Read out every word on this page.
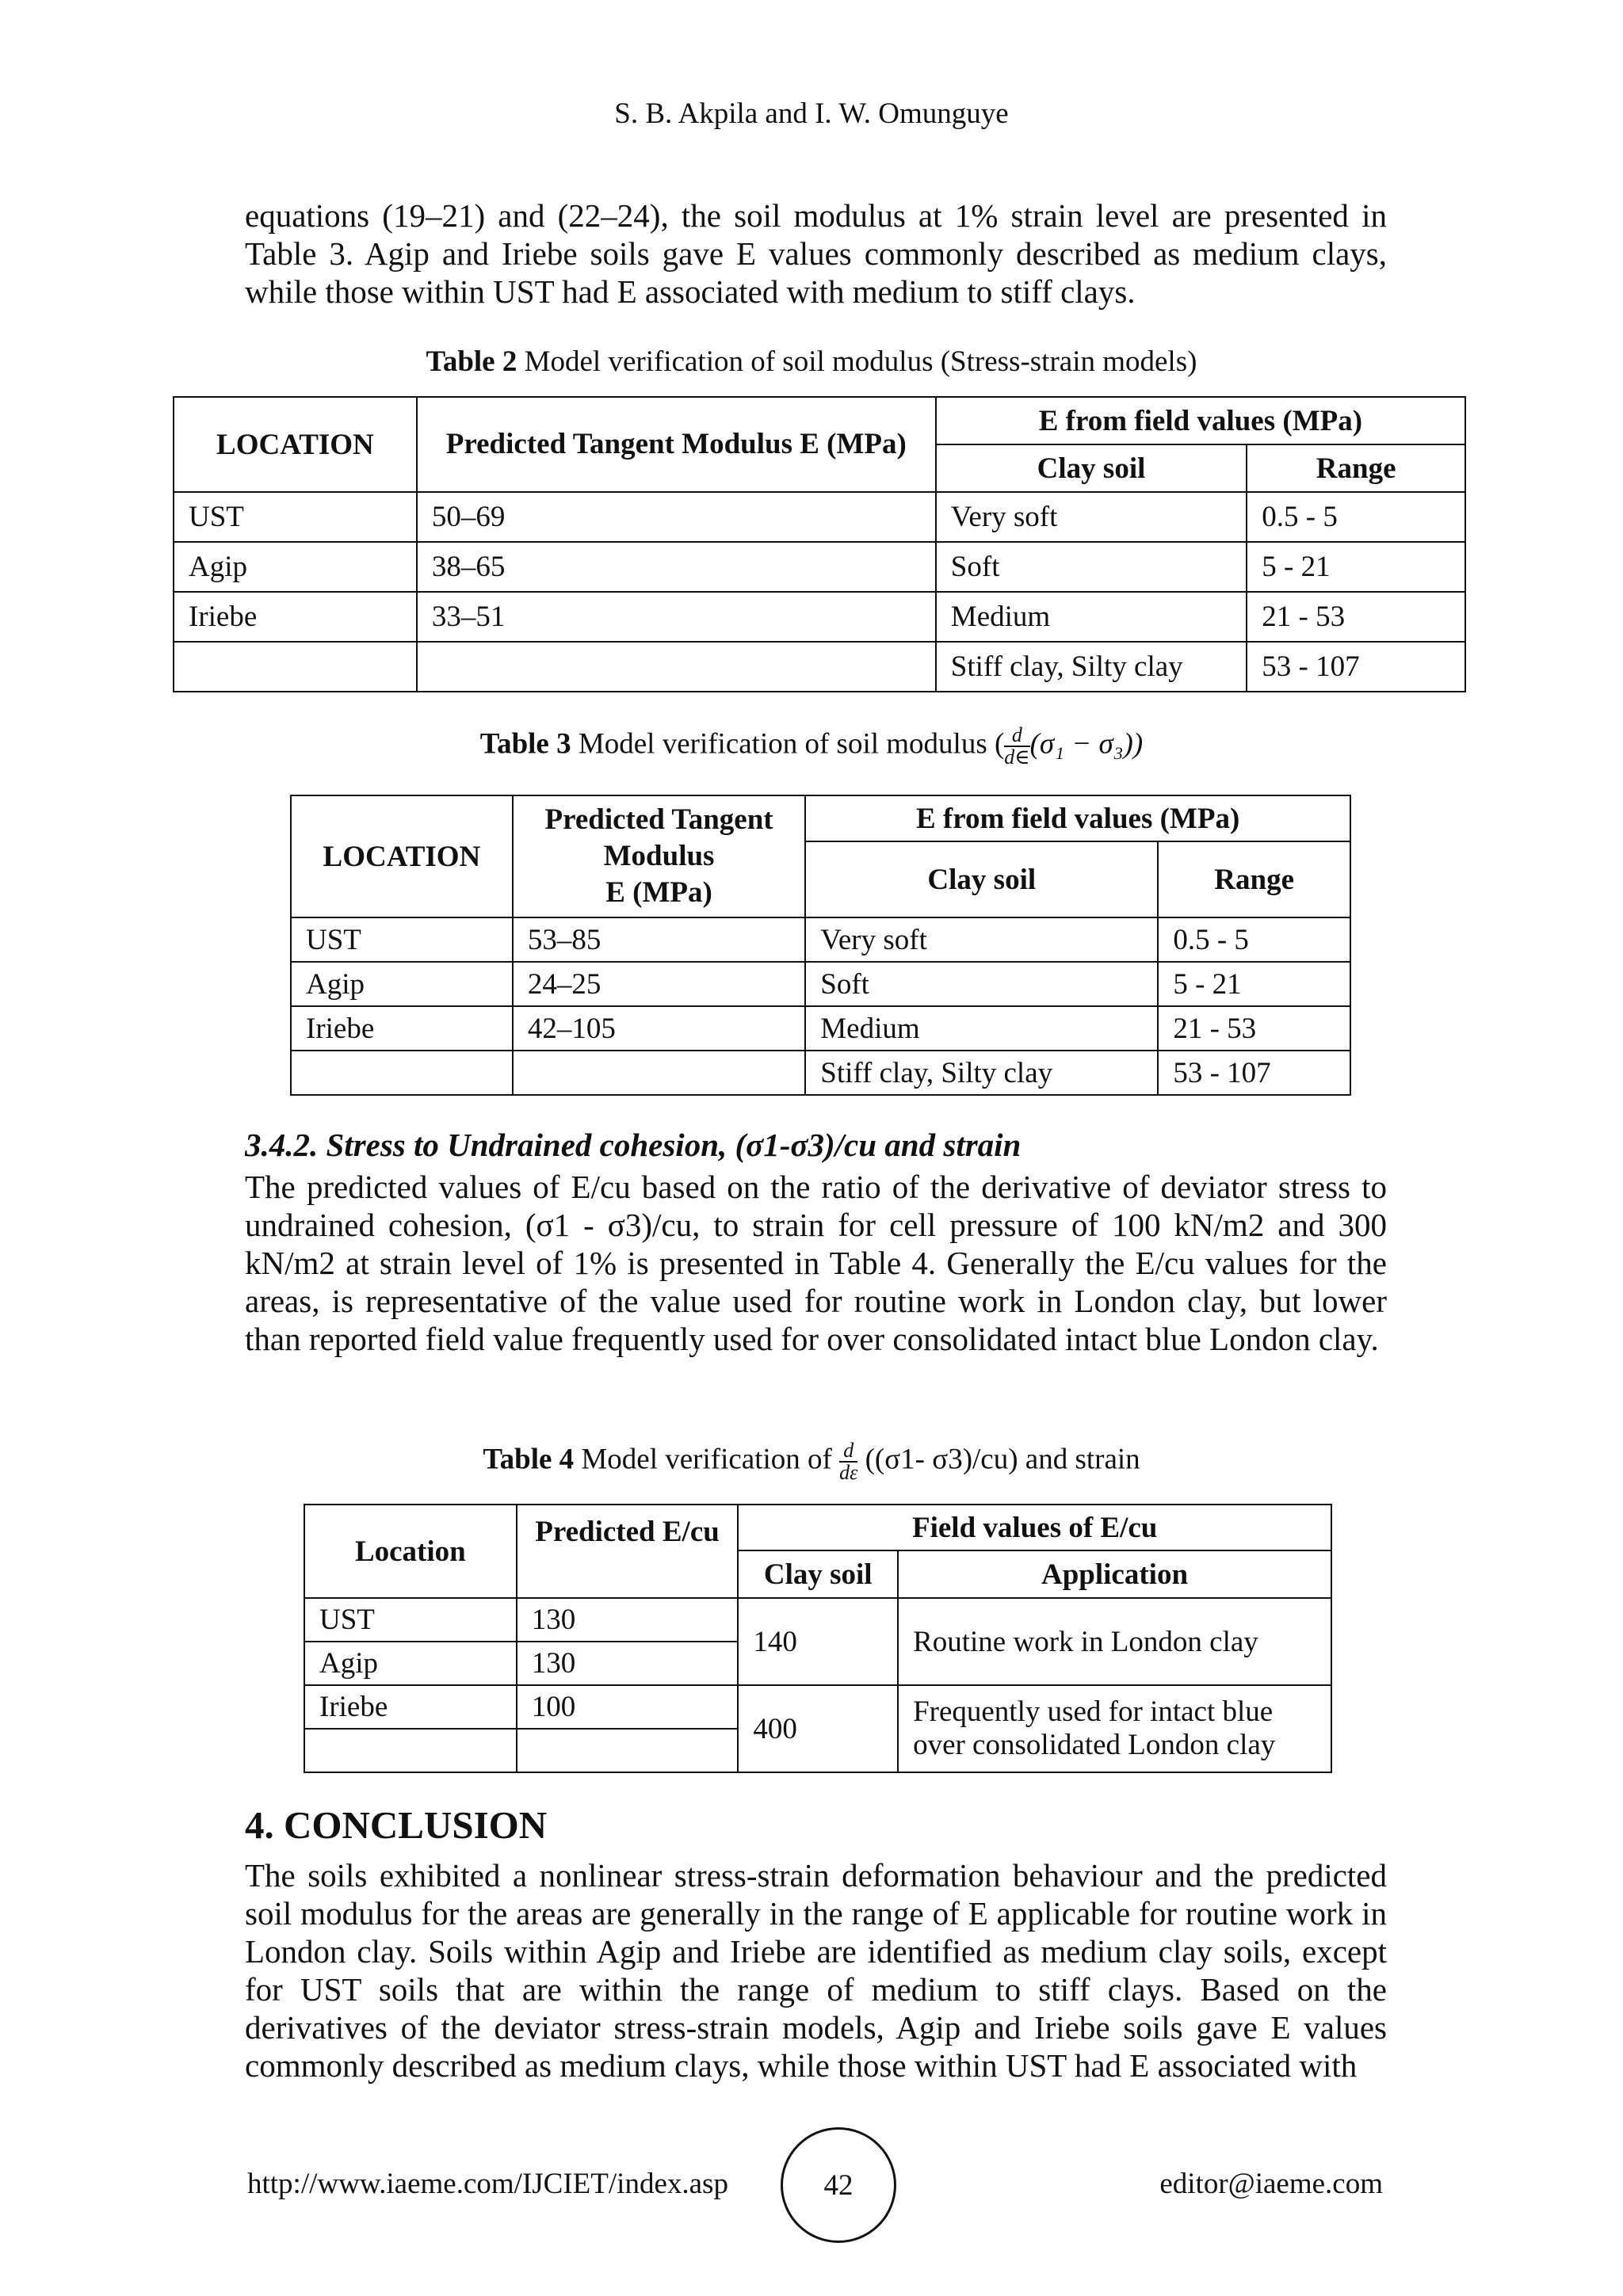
S. B. Akpila and I. W. Omunguye
equations (19–21) and (22–24), the soil modulus at 1% strain level are presented in Table 3. Agip and Iriebe soils gave E values commonly described as medium clays, while those within UST had E associated with medium to stiff clays.
Table 2 Model verification of soil modulus (Stress-strain models)
LOCATION	Predicted Tangent Modulus E (MPa)	E from field values (MPa)	
		Clay soil	Range
UST	50–69	Very soft	0.5 - 5
Agip	38–65	Soft	5 - 21
Iriebe	33–51	Medium	21 - 53
		Stiff clay, Silty clay	53 - 107
Table 3 Model verification of soil modulus ( $\frac{d}{d\in} (\sigma_1 - \sigma_3)$)
LOCATION	Predicted Tangent
Modulus
E (MPa)	E from field values (MPa)	
		Clay soil	Range
UST	53–85	Very soft	0.5 - 5
Agip	24–25	Soft	5 - 21
Iriebe	42–105	Medium	21 - 53
		Stiff clay, Silty clay	53 - 107
3.4.2. Stress to Undrained cohesion, (σ1-σ3)/cu and strain
The predicted values of E/cu based on the ratio of the derivative of deviator stress to undrained cohesion, (σ1 - σ3)/cu, to strain for cell pressure of 100 kN/m2 and 300 kN/m2 at strain level of 1% is presented in Table 4. Generally the E/cu values for the areas, is representative of the value used for routine work in London clay, but lower than reported field value frequently used for over consolidated intact blue London clay.
Table 4 Model verification of $\frac{d}{d\varepsilon} ((\sigma 1-$ σ3)/cu) and strain
Location	Predicted E/cu	Field values of E/cu	
		Clay soil	Application
UST	130	140	Routine work in London clay
Agip	130		
Iriebe	100	400	Frequently used for intact blue over consolidated London clay

4. CONCLUSION
The soils exhibited a nonlinear stress-strain deformation behaviour and the predicted soil modulus for the areas are generally in the range of E applicable for routine work in London clay. Soils within Agip and Iriebe are identified as medium clay soils, except for UST soils that are within the range of medium to stiff clays. Based on the derivatives of the deviator stress-strain models, Agip and Iriebe soils gave E values commonly described as medium clays, while those within UST had E associated with
http://www.iaeme.com/IJCIET/index.asp	42	editor@iaeme.com
